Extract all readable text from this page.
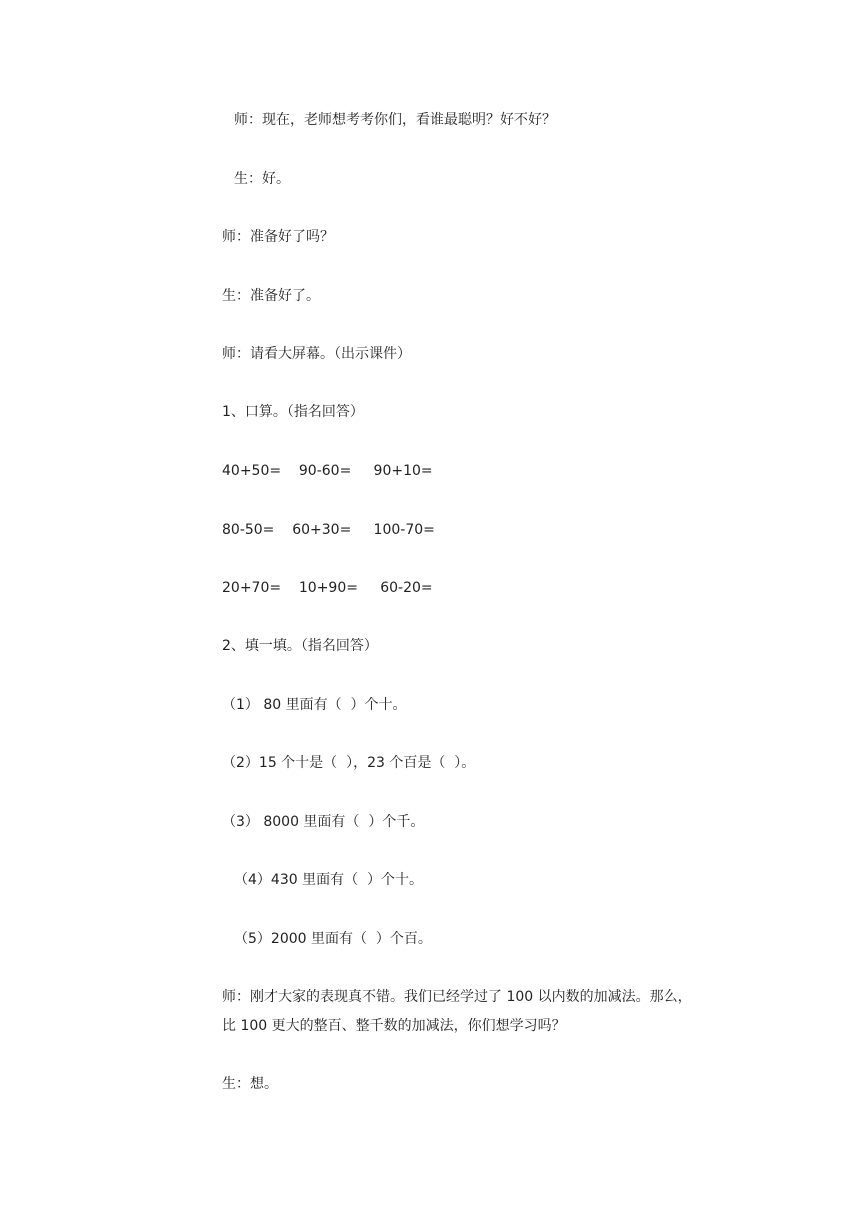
师：现在，老师想考考你们，看谁最聪明？好不好？

生：好。

师：准备好了吗？

生：准备好了。

师：请看大屏幕。（出示课件）

1、口算。（指名回答）

40+50=    90-60=     90+10=

80-50=    60+30=     100-70=

20+70=    10+90=     60-20=

2、填一填。（指名回答）

（1） 80 里面有（  ）个十。

（2）15 个十是（  ），23 个百是（  ）。

（3） 8000 里面有（  ）个千。

（4）430 里面有（  ）个十。

（5）2000 里面有（  ）个百。

师：刚才大家的表现真不错。我们已经学过了 100 以内数的加减法。那么，

比 100 更大的整百、整千数的加减法，你们想学习吗？

生：想。
